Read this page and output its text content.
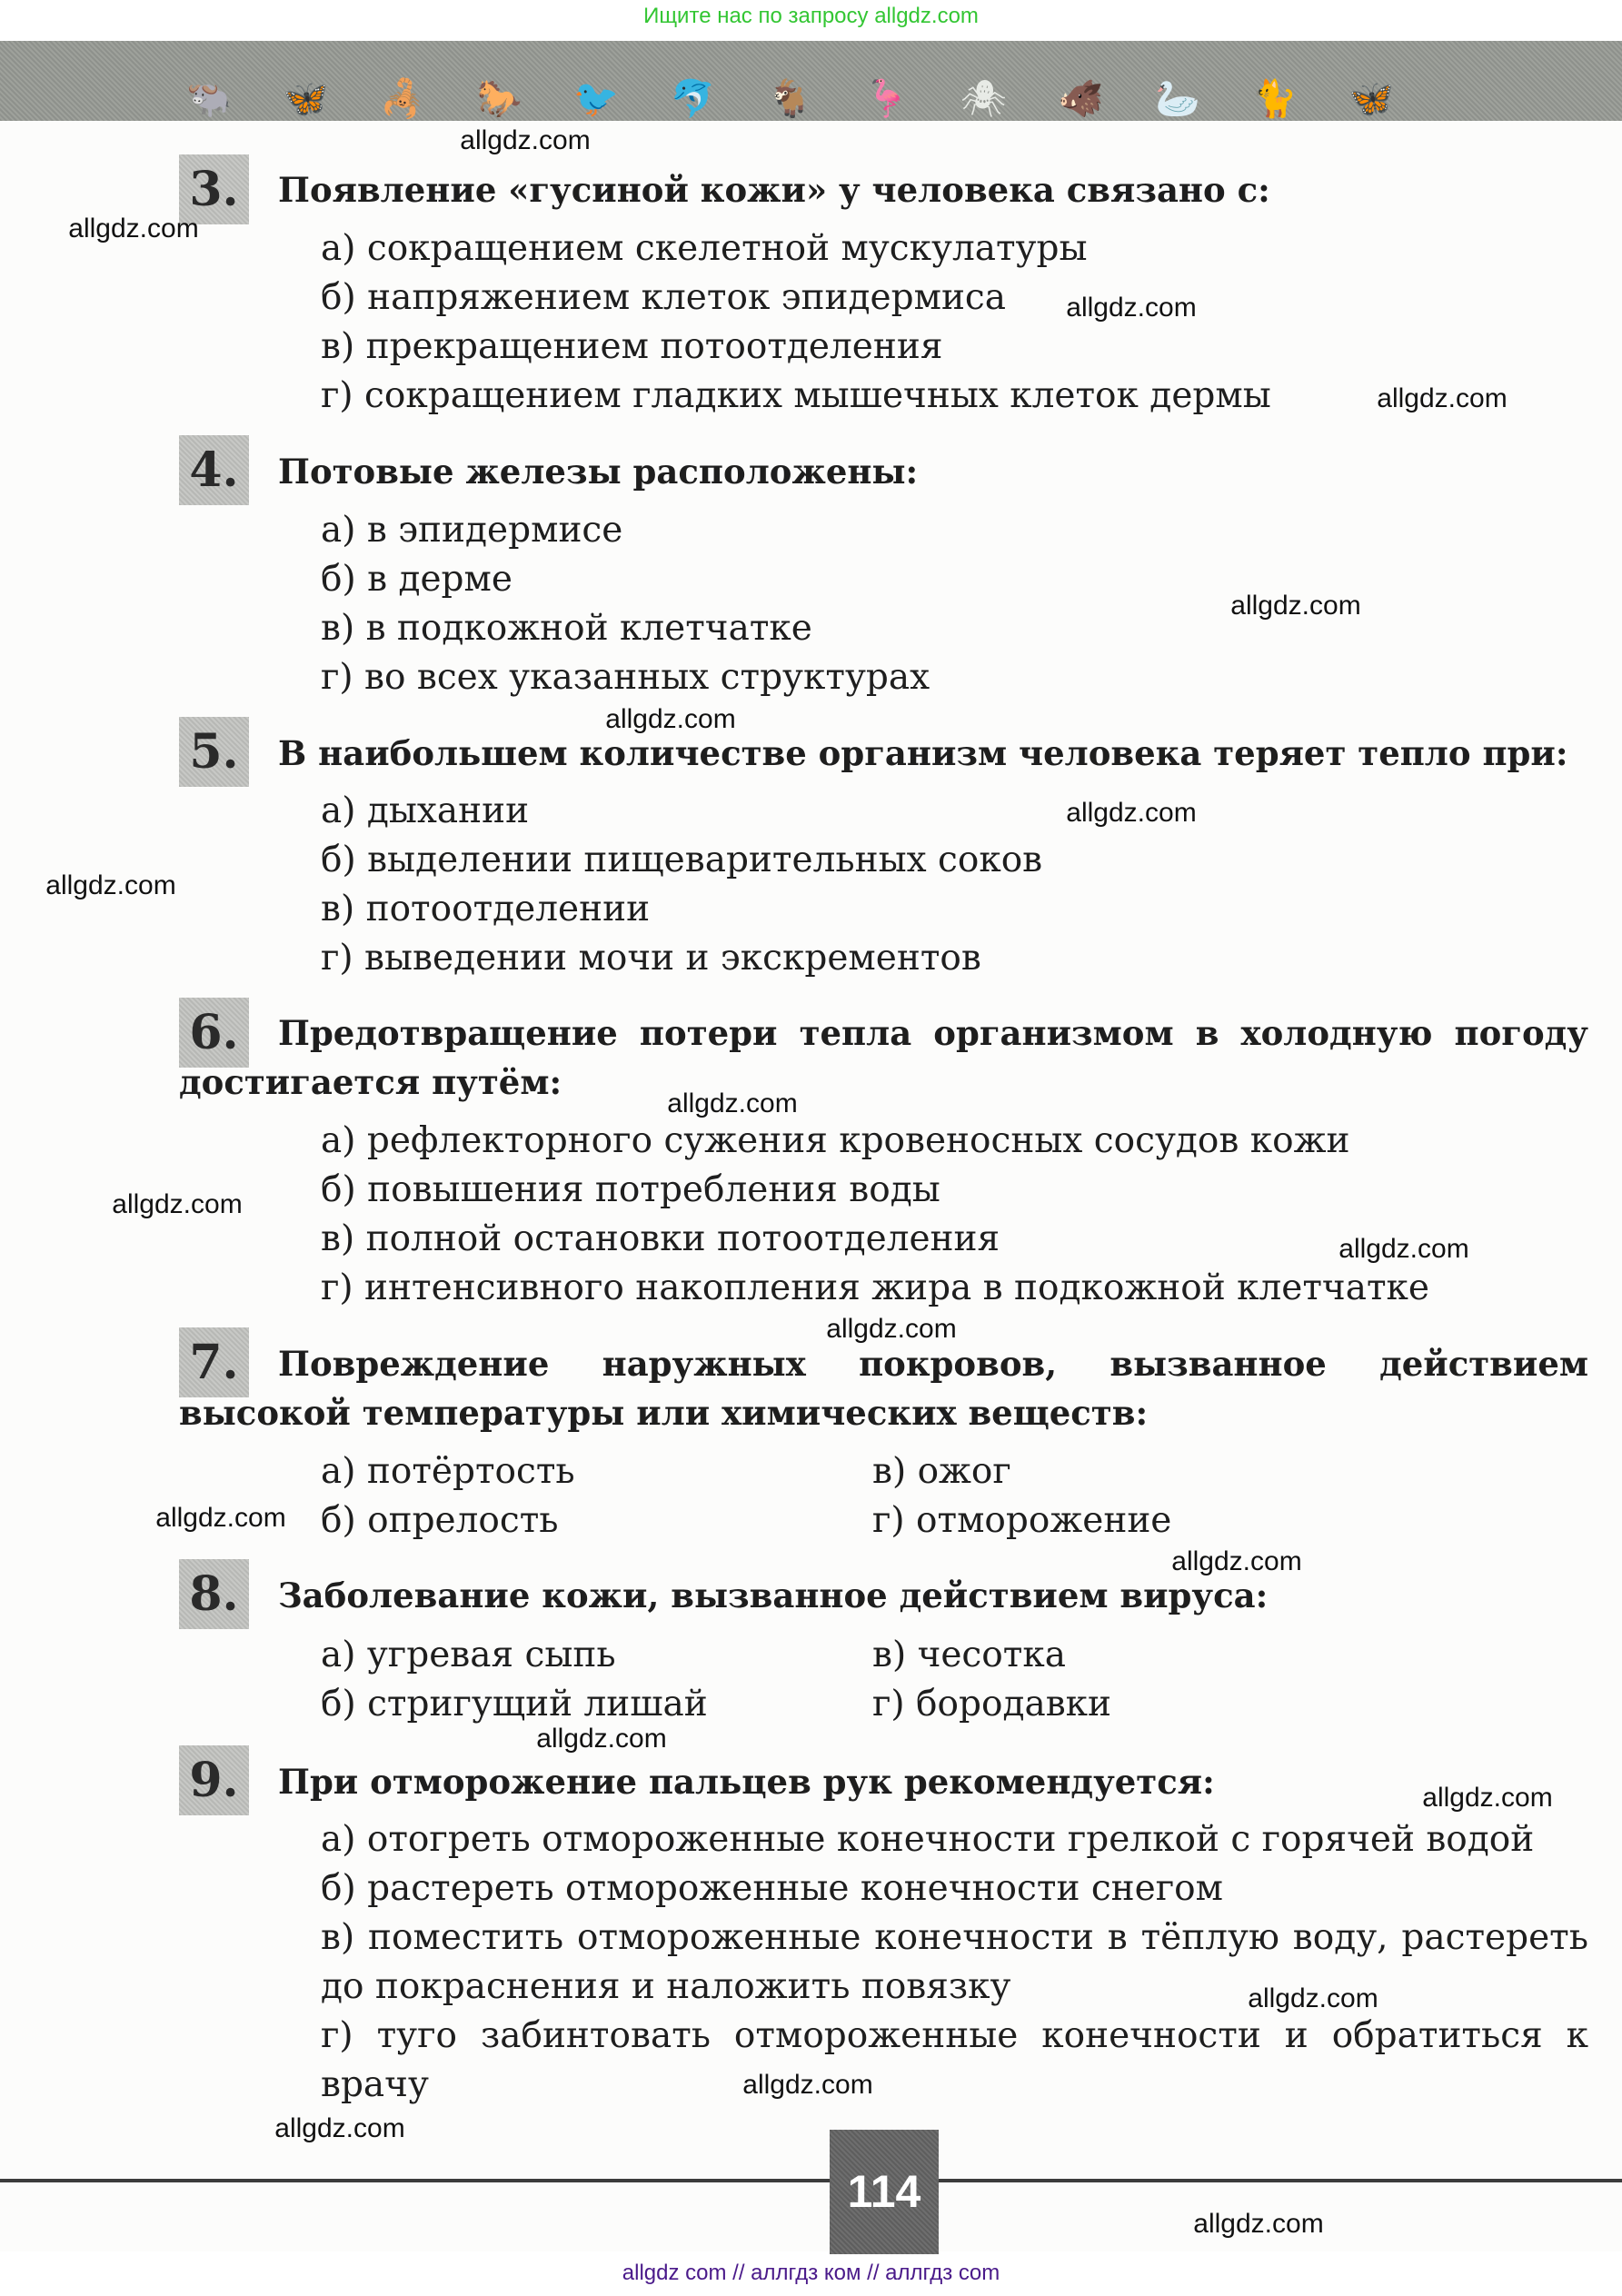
Ищите нас по запросу allgdz.com
🐃 🦋 🦂 🐎 🐦 🐬 🐐 🦩 🕷 🐗 🦢 🐈 🦋
3.	Появление «гусиной кожи» у человека связано с:
а) сокращением скелетной мускулатуры
б) напряжением клеток эпидермиса
в) прекращением потоотделения
г) сокращением гладких мышечных клеток дермы
4.	Потовые железы расположены:
а) в эпидермисе
б) в дерме
в) в подкожной клетчатке
г) во всех указанных структурах
5.	В наибольшем количестве организм человека теряет тепло при:
а) дыхании
б) выделении пищеварительных соков
в) потоотделении
г) выведении мочи и экскрементов
6.	Предотвращение потери тепла организмом в холодную погоду достигается путём:
а) рефлекторного сужения кровеносных сосудов кожи
б) повышения потребления воды
в) полной остановки потоотделения
г) интенсивного накопления жира в подкожной клетчатке
7.	Повреждение наружных покровов, вызванное действием высокой температуры или химических веществ:
а) потёртость
б) опрелость
в) ожог
г) отморожение
8.	Заболевание кожи, вызванное действием вируса:
а) угревая сыпь
б) стригущий лишай
в) чесотка
г) бородавки
9.	При отморожение пальцев рук рекомендуется:
а) отогреть отмороженные конечности грелкой с горячей водой
б) растереть отмороженные конечности снегом
в) поместить отмороженные конечности в тёплую воду, растереть до покраснения и наложить повязку
г) туго забинтовать отмороженные конечности и обратиться к врачу
allgdz.com
allgdz.com
allgdz.com
allgdz.com
allgdz.com
allgdz.com
allgdz.com
allgdz.com
allgdz.com
allgdz.com
allgdz.com
allgdz.com
allgdz.com
allgdz.com
allgdz.com
allgdz.com
allgdz.com
allgdz.com
allgdz.com
allgdz.com
114
allgdz com // аллгдз ком // аллгдз com
